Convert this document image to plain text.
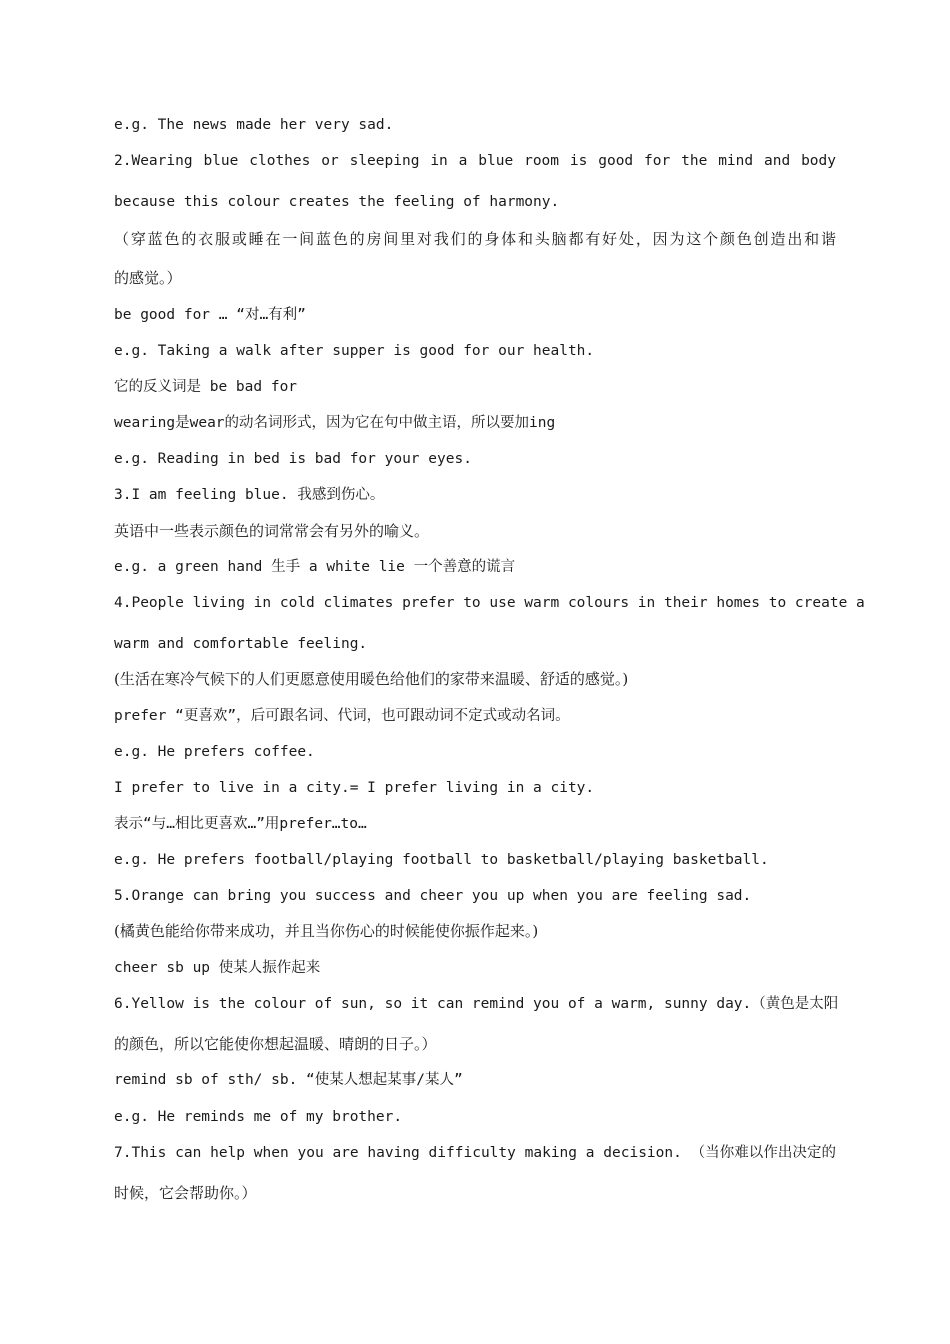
e.g. The news made her very sad.
2.Wearing blue clothes or sleeping in a blue room is good for the mind and body
because this colour creates the feeling of harmony.
（穿蓝色的衣服或睡在一间蓝色的房间里对我们的身体和头脑都有好处，因为这个颜色创造出和谐
的感觉。）
be good for … “对…有利”
e.g. Taking a walk after supper is good for our health.
它的反义词是 be bad for
wearing是wear的动名词形式，因为它在句中做主语，所以要加ing
e.g. Reading in bed is bad for your eyes.
3.I am feeling blue. 我感到伤心。
英语中一些表示颜色的词常常会有另外的喻义。
e.g. a green hand 生手 a white lie 一个善意的谎言
4.People living in cold climates prefer to use warm colours in their homes to create a
warm and comfortable feeling.
(生活在寒冷气候下的人们更愿意使用暖色给他们的家带来温暖、舒适的感觉。)
prefer “更喜欢”，后可跟名词、代词，也可跟动词不定式或动名词。
e.g. He prefers coffee.
I prefer to live in a city.= I prefer living in a city.
表示“与…相比更喜欢…”用prefer…to…
e.g. He prefers football/playing football to basketball/playing basketball.
5.Orange can bring you success and cheer you up when you are feeling sad.
(橘黄色能给你带来成功，并且当你伤心的时候能使你振作起来。)
cheer sb up 使某人振作起来
6.Yellow is the colour of sun, so it can remind you of a warm, sunny day.（黄色是太阳
的颜色，所以它能使你想起温暖、晴朗的日子。）
remind sb of sth/ sb. “使某人想起某事/某人”
e.g. He reminds me of my brother.
7.This can help when you are having difficulty making a decision. （当你难以作出决定的
时候，它会帮助你。）
